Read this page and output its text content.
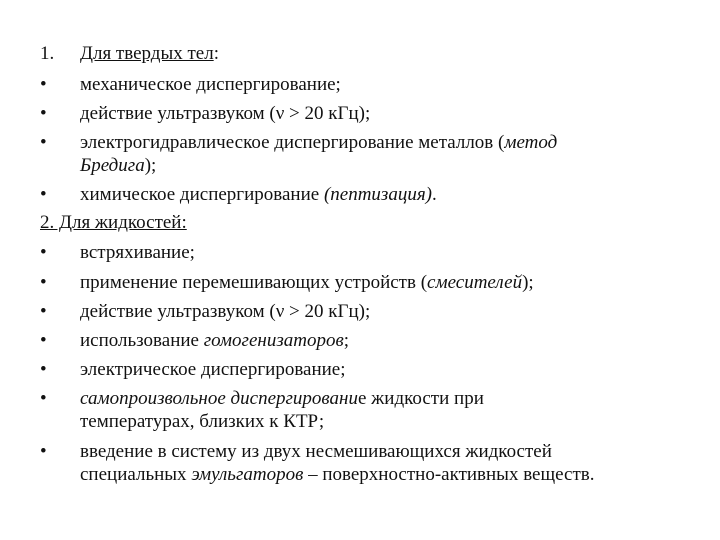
1. Для твердых тел:
• механическое диспергирование;
• действие ультразвуком (ν > 20 кГц);
• электрогидравлическое диспергирование металлов (метод
Бредига);
• химическое диспергирование (пептизация).
2. Для жидкостей:
• встряхивание;
• применение перемешивающих устройств (смесителей);
• действие ультразвуком (ν > 20 кГц);
• использование гомогенизаторов;
• электрическое диспергирование;
• самопроизвольное диспергирование жидкости при
температурах, близких к КТР;
• введение в систему из двух несмешивающихся жидкостей
специальных эмульгаторов – поверхностно-активных веществ.
